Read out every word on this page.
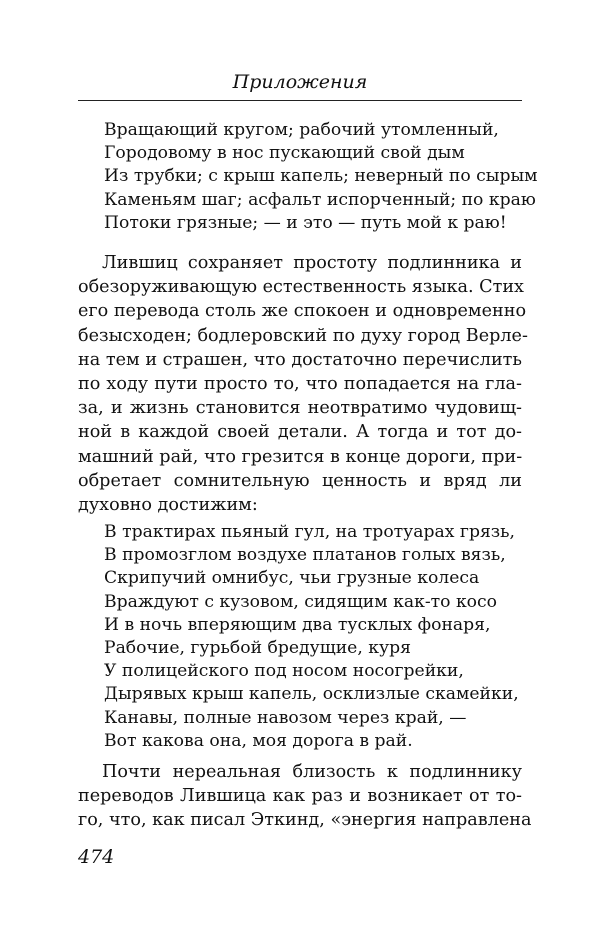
Приложения
Вращающий кругом; рабочий утомленный,
Городовому в нос пускающий свой дым
Из трубки; с крыш капель; неверный по сырым
Каменьям шаг; асфальт испорченный; по краю
Потоки грязные; — и это — путь мой к раю!
Лившиц сохраняет простоту подлинника и
обезоруживающую естественность языка. Стих
его перевода столь же спокоен и одновременно
безысходен; бодлеровский по духу город Верле-
на тем и страшен, что достаточно перечислить
по ходу пути просто то, что попадается на гла-
за, и жизнь становится неотвратимо чудовищ-
ной в каждой своей детали. А тогда и тот до-
машний рай, что грезится в конце дороги, при-
обретает сомнительную ценность и вряд ли
духовно достижим:
В трактирах пьяный гул, на тротуарах грязь,
В промозглом воздухе платанов голых вязь,
Скрипучий омнибус, чьи грузные колеса
Враждуют с кузовом, сидящим как-то косо
И в ночь вперяющим два тусклых фонаря,
Рабочие, гурьбой бредущие, куря
У полицейского под носом носогрейки,
Дырявых крыш капель, осклизлые скамейки,
Канавы, полные навозом через край, —
Вот какова она, моя дорога в рай.
Почти нереальная близость к подлиннику
переводов Лившица как раз и возникает от то-
го, что, как писал Эткинд, «энергия направлена
474
